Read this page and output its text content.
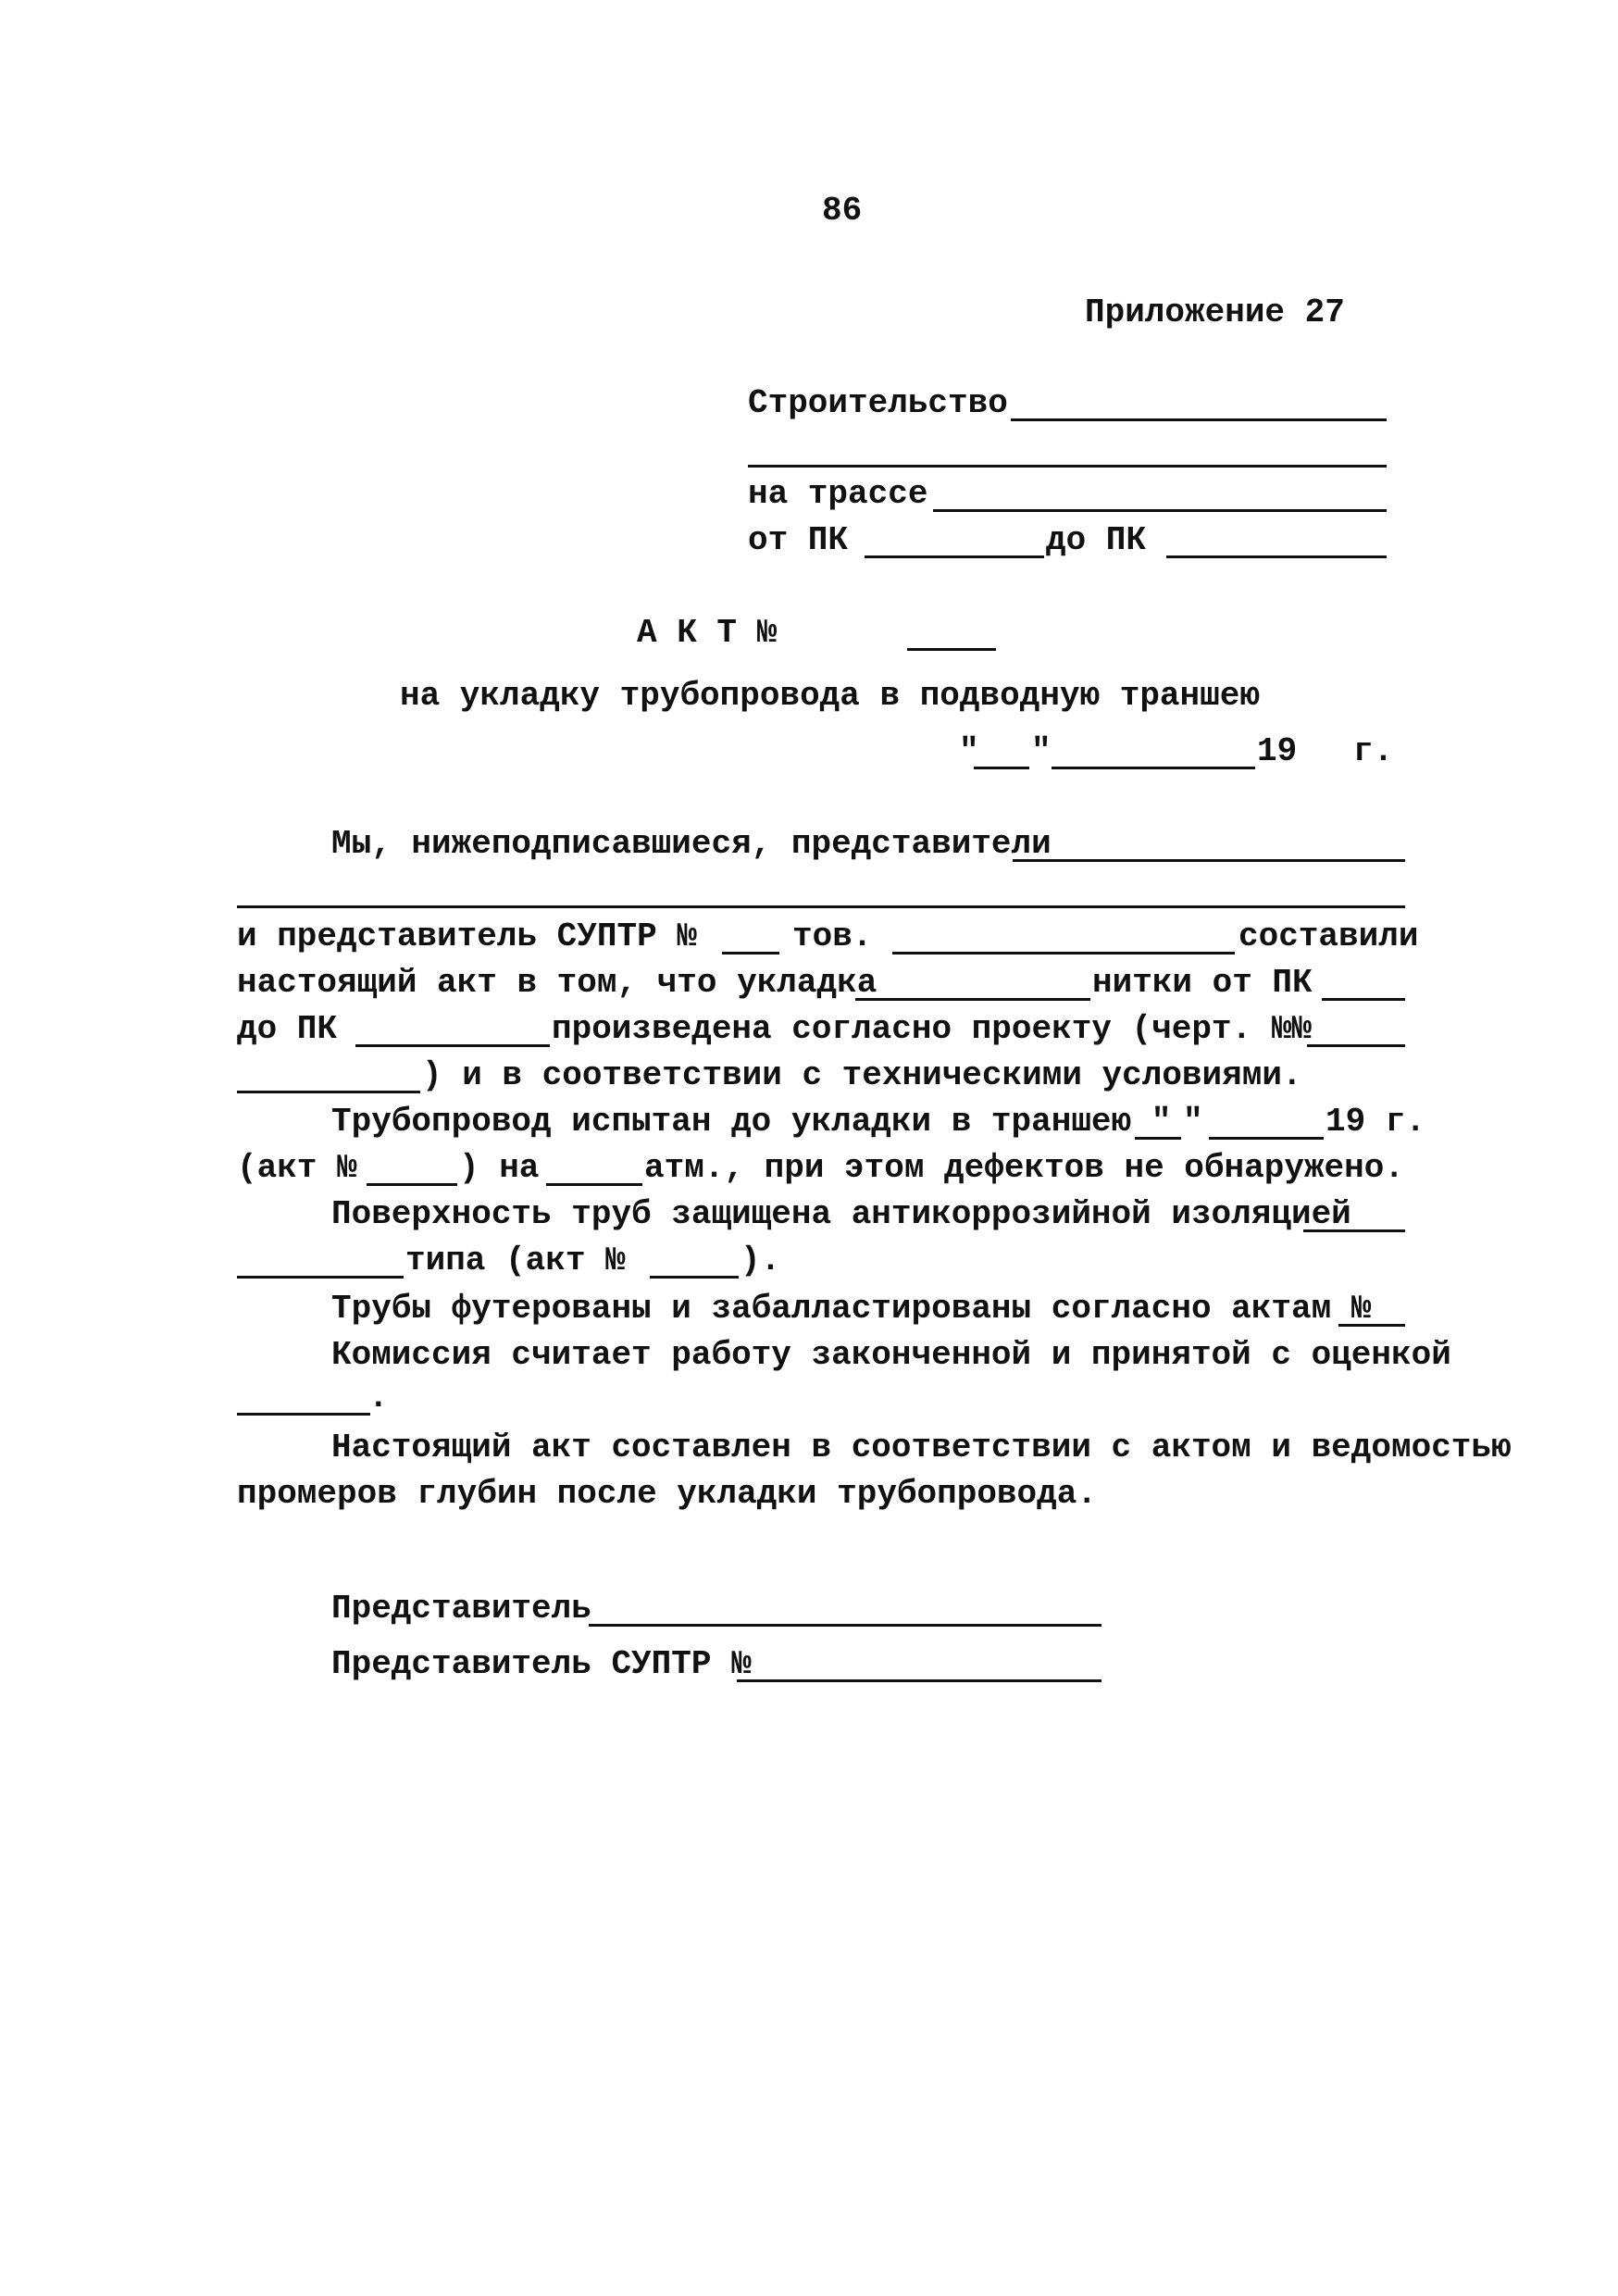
86
Приложение 27
Строительство
на трассе
от ПК	до ПК
А К Т №
на укладку трубопровода в подводную траншею
" "	19 г.
Мы, нижеподписавшиеся, представители
и представитель СУПТР №	тов.	составили
настоящий акт в том, что укладка	нитки от ПК
до ПК	произведена согласно проекту (черт. №№
) и в соответствии с техническими условиями.
Трубопровод испытан до укладки в траншею " "	19 г.
(акт №	) на	атм., при этом дефектов не обнаружено.
Поверхность труб защищена антикоррозийной изоляцией
типа (акт №	).
Трубы футерованы и забалластированы согласно актам №
Комиссия считает работу законченной и принятой с оценкой
.
Настоящий акт составлен в соответствии с актом и ведомостью
промеров глубин после укладки трубопровода.
Представитель
Представитель СУПТР №
